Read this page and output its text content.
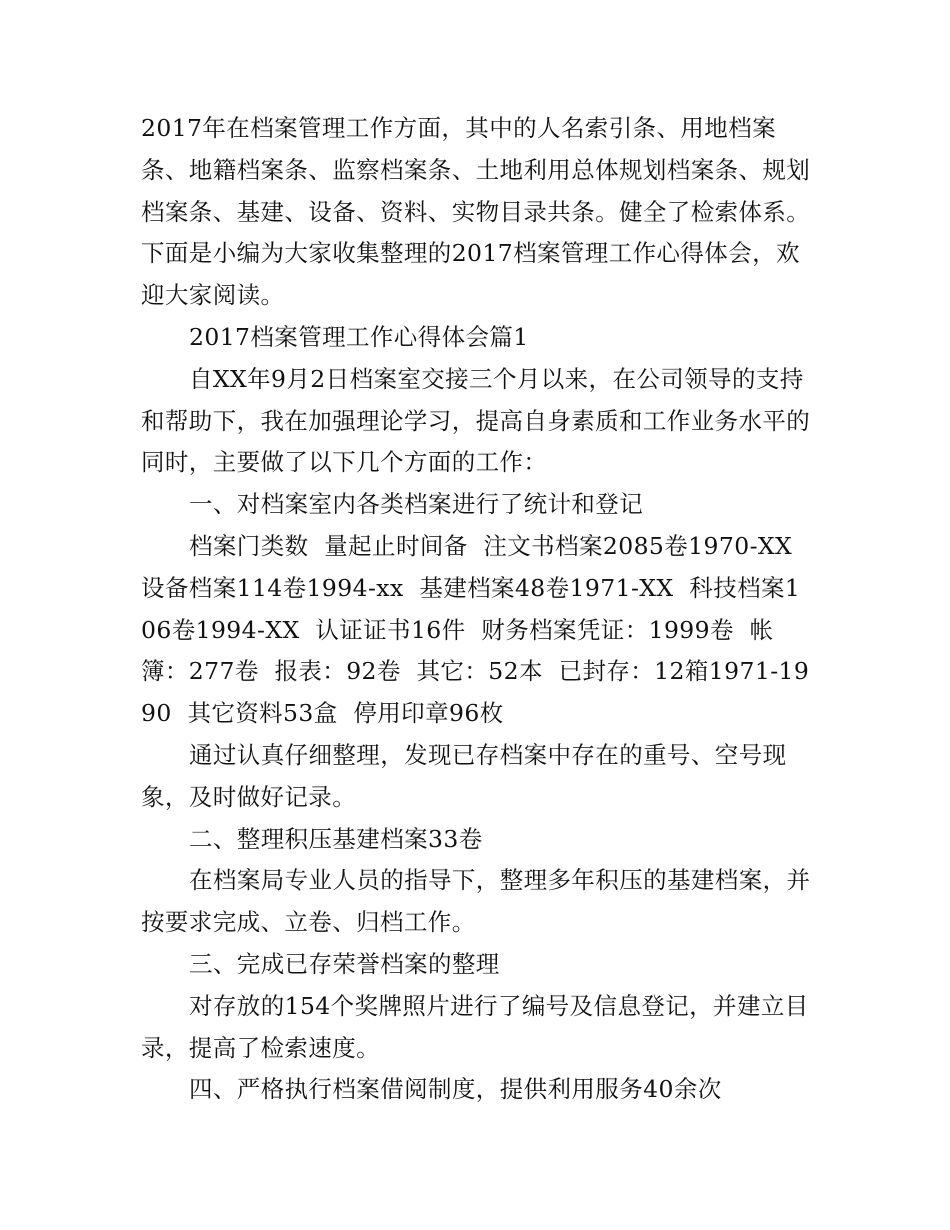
2017年在档案管理工作方面，其中的人名索引条、用地档案条、地籍档案条、监察档案条、土地利用总体规划档案条、规划档案条、基建、设备、资料、实物目录共条。健全了检索体系。下面是小编为大家收集整理的2017档案管理工作心得体会，欢迎大家阅读。

2017档案管理工作心得体会篇1

自XX年9月2日档案室交接三个月以来，在公司领导的支持和帮助下，我在加强理论学习，提高自身素质和工作业务水平的同时，主要做了以下几个方面的工作：

一、对档案室内各类档案进行了统计和登记

档案门类数  量起止时间备  注文书档案2085卷1970-XX  设备档案114卷1994-xx  基建档案48卷1971-XX  科技档案106卷1994-XX  认证证书16件  财务档案凭证：1999卷  帐簿：277卷  报表：92卷  其它：52本  已封存：12箱1971-1990  其它资料53盒  停用印章96枚

通过认真仔细整理，发现已存档案中存在的重号、空号现象，及时做好记录。

二、整理积压基建档案33卷

在档案局专业人员的指导下，整理多年积压的基建档案，并按要求完成、立卷、归档工作。

三、完成已存荣誉档案的整理

对存放的154个奖牌照片进行了编号及信息登记，并建立目录，提高了检索速度。

四、严格执行档案借阅制度，提供利用服务40余次
